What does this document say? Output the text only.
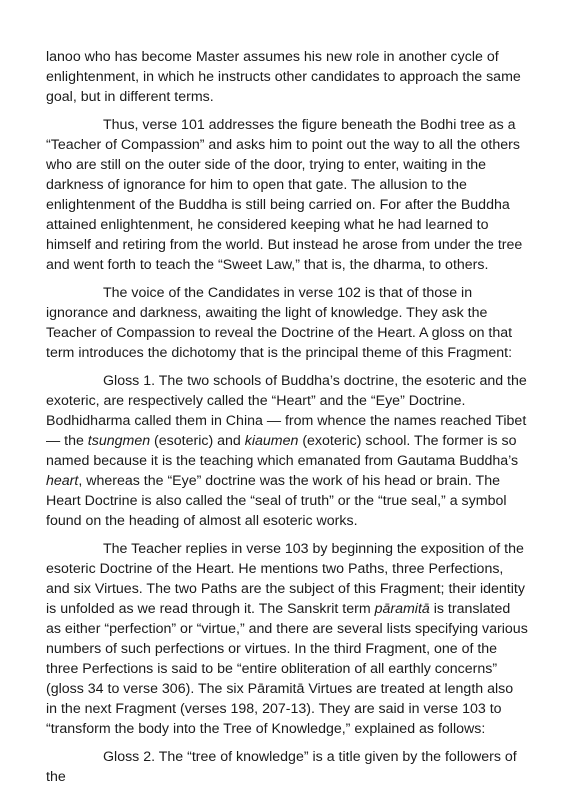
lanoo who has become Master assumes his new role in another cycle of enlightenment, in which he instructs other candidates to approach the same goal, but in different terms.

Thus, verse 101 addresses the figure beneath the Bodhi tree as a “Teacher of Compassion” and asks him to point out the way to all the others who are still on the outer side of the door, trying to enter, waiting in the darkness of ignorance for him to open that gate. The allusion to the enlightenment of the Buddha is still being carried on. For after the Buddha attained enlightenment, he considered keeping what he had learned to himself and retiring from the world. But instead he arose from under the tree and went forth to teach the “Sweet Law,” that is, the dharma, to others.

The voice of the Candidates in verse 102 is that of those in ignorance and darkness, awaiting the light of knowledge. They ask the Teacher of Compassion to reveal the Doctrine of the Heart. A gloss on that term introduces the dichotomy that is the principal theme of this Fragment:

Gloss 1. The two schools of Buddha’s doctrine, the esoteric and the exoteric, are respectively called the “Heart” and the “Eye” Doctrine. Bodhidharma called them in China — from whence the names reached Tibet — the tsungmen (esoteric) and kiaumen (exoteric) school. The former is so named because it is the teaching which emanated from Gautama Buddha’s heart, whereas the “Eye” doctrine was the work of his head or brain. The Heart Doctrine is also called the “seal of truth” or the “true seal,” a symbol found on the heading of almost all esoteric works.

The Teacher replies in verse 103 by beginning the exposition of the esoteric Doctrine of the Heart. He mentions two Paths, three Perfections, and six Virtues. The two Paths are the subject of this Fragment; their identity is unfolded as we read through it. The Sanskrit term pāramitā is translated as either “perfection” or “virtue,” and there are several lists specifying various numbers of such perfections or virtues. In the third Fragment, one of the three Perfections is said to be “entire obliteration of all earthly concerns” (gloss 34 to verse 306). The six Pāramitā Virtues are treated at length also in the next Fragment (verses 198, 207-13). They are said in verse 103 to “transform the body into the Tree of Knowledge,” explained as follows:

Gloss 2. The “tree of knowledge” is a title given by the followers of the
